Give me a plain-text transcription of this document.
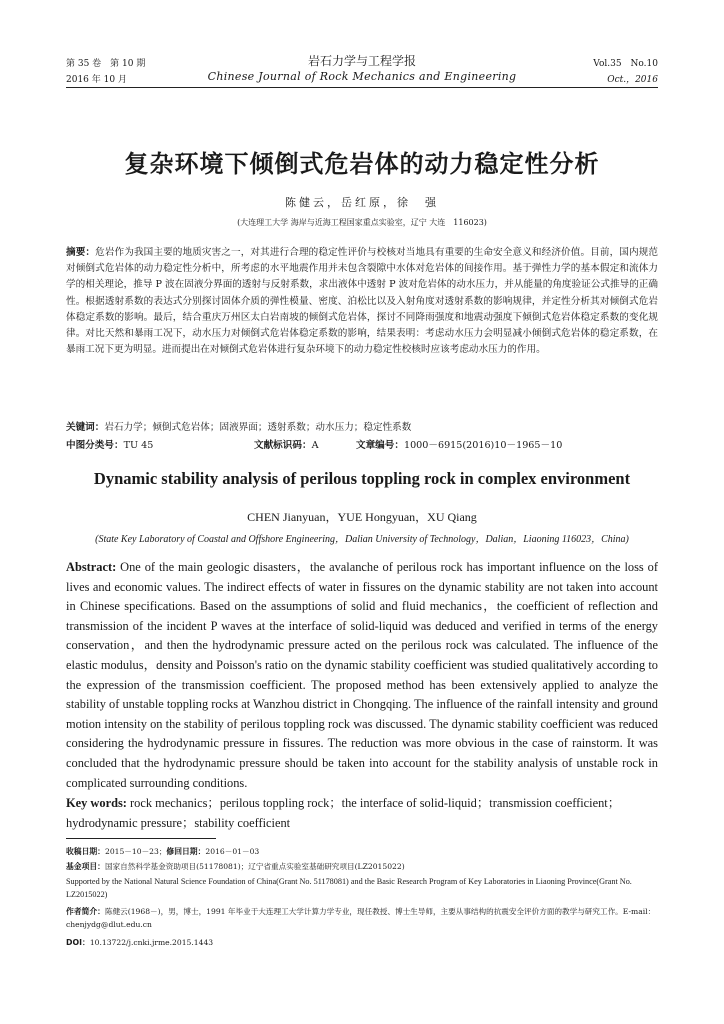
第 35 卷　第 10 期
2016 年 10 月
岩石力学与工程学报
Chinese Journal of Rock Mechanics and Engineering
Vol.35　No.10
Oct.，2016
复杂环境下倾倒式危岩体的动力稳定性分析
陈健云，岳红原，徐　强
(大连理工大学 海岸与近海工程国家重点实验室，辽宁 大连　116023)
摘要：危岩作为我国主要的地质灾害之一，对其进行合理的稳定性评价与校核对当地具有重要的生命安全意义和经济价值。目前，国内规范对倾倒式危岩体的动力稳定性分析中，所考虑的水平地震作用并未包含裂隙中水体对危岩体的间接作用。基于弹性力学的基本假定和流体力学的相关理论，推导 P 波在固液分界面的透射与反射系数，求出液体中透射 P 波对危岩体的动水压力，并从能量的角度验证公式推导的正确性。根据透射系数的表达式分别探讨固体介质的弹性模量、密度、泊松比以及入射角度对透射系数的影响规律，并定性分析其对倾倒式危岩体稳定系数的影响。最后，结合重庆万州区太白岩南坡的倾倒式危岩体，探讨不同降雨强度和地震动强度下倾倒式危岩体稳定系数的变化规律。对比天然和暴雨工况下，动水压力对倾倒式危岩体稳定系数的影响，结果表明：考虑动水压力会明显减小倾倒式危岩体的稳定系数，在暴雨工况下更为明显。进而提出在对倾倒式危岩体进行复杂环境下的动力稳定性校核时应该考虑动水压力的作用。
关键词：岩石力学；倾倒式危岩体；固液界面；透射系数；动水压力；稳定性系数
中图分类号：TU 45	文献标识码：A	文章编号：1000－6915(2016)10－1965－10
Dynamic stability analysis of perilous toppling rock in complex environment
CHEN Jianyuan，YUE Hongyuan，XU Qiang
(State Key Laboratory of Coastal and Offshore Engineering，Dalian University of Technology，Dalian，Liaoning 116023，China)
Abstract: One of the main geologic disasters，the avalanche of perilous rock has important influence on the loss of lives and economic values. The indirect effects of water in fissures on the dynamic stability are not taken into account in Chinese specifications. Based on the assumptions of solid and fluid mechanics，the coefficient of reflection and transmission of the incident P waves at the interface of solid-liquid was deduced and verified in terms of the energy conservation，and then the hydrodynamic pressure acted on the perilous rock was calculated. The influence of the elastic modulus，density and Poisson's ratio on the dynamic stability coefficient was studied qualitatively according to the expression of the transmission coefficient. The proposed method has been extensively applied to analyze the stability of unstable toppling rocks at Wanzhou district in Chongqing. The influence of the rainfall intensity and ground motion intensity on the stability of perilous toppling rock was discussed. The dynamic stability coefficient was reduced considering the hydrodynamic pressure in fissures. The reduction was more obvious in the case of rainstorm. It was concluded that the hydrodynamic pressure should be taken into account for the stability analysis of unstable rock in complicated surrounding conditions.
Key words: rock mechanics；perilous toppling rock；the interface of solid-liquid；transmission coefficient；hydrodynamic pressure；stability coefficient
收稿日期：2015－10－23；修回日期：2016－01－03
基金项目：国家自然科学基金资助项目(51178081)；辽宁省重点实验室基础研究项目(LZ2015022)
Supported by the National Natural Science Foundation of China(Grant No. 51178081) and the Basic Research Program of Key Laboratories in Liaoning Province(Grant No. LZ2015022)
作者简介：陈健云(1968－)，男，博士，1991 年毕业于大连理工大学计算力学专业，现任教授、博士生导师，主要从事结构的抗震安全评价方面的教学与研究工作。E-mail：chenjydg@dlut.edu.cn
DOI：10.13722/j.cnki.jrme.2015.1443
